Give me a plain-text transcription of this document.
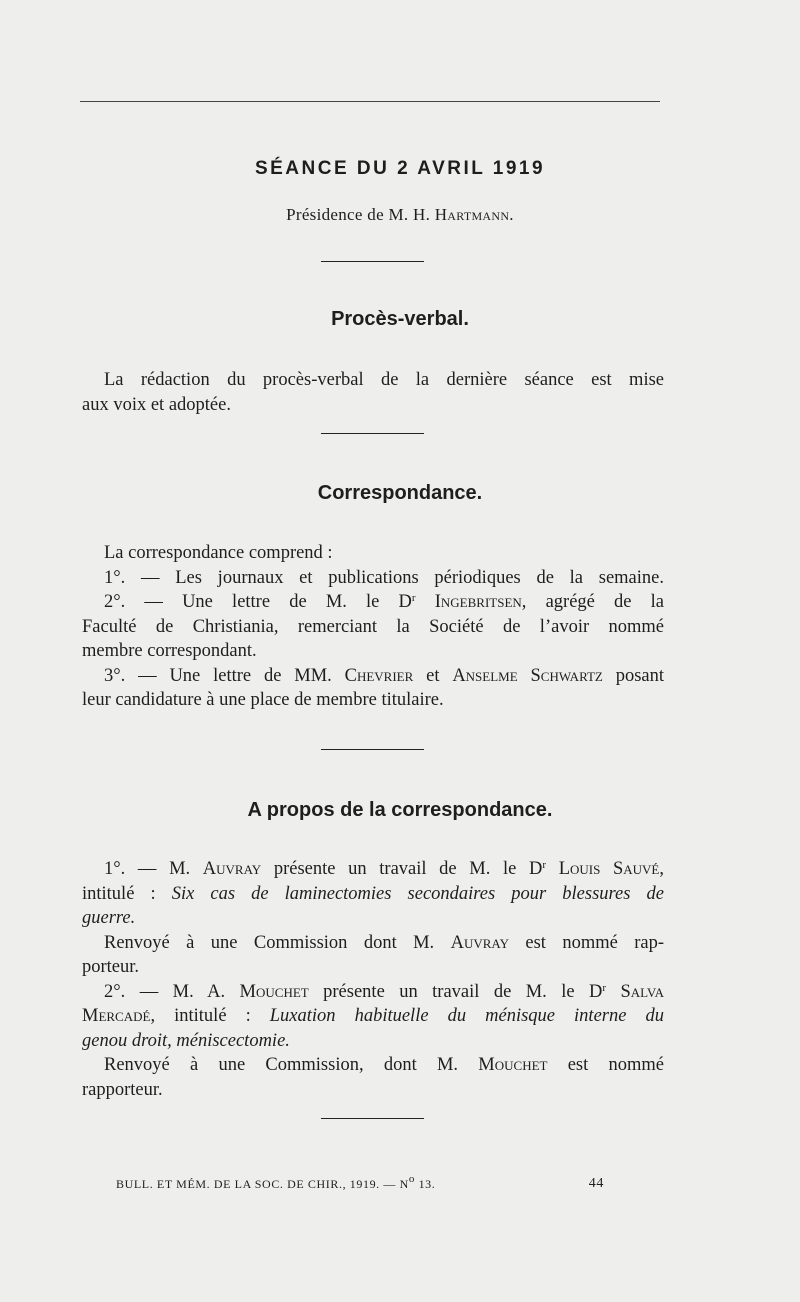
SÉANCE DU 2 AVRIL 1919
Présidence de M. H. Hartmann.
Procès-verbal.
La rédaction du procès-verbal de la dernière séance est mise
aux voix et adoptée.
Correspondance.
La correspondance comprend :
1°. — Les journaux et publications périodiques de la semaine.
2°. — Une lettre de M. le $D^r$ Ingebritsen, agrégé de la
Faculté de Christiania, remerciant la Société de l’avoir nommé
membre correspondant.
3°. — Une lettre de MM. Chevrier et Anselme Schwartz posant
leur candidature à une place de membre titulaire.
A propos de la correspondance.
1°. — M. Auvray présente un travail de M. le $D^r$ Louis Sauvé,
intitulé : Six cas de laminectomies secondaires pour blessures de
guerre.
Renvoyé à une Commission dont M. Auvray est nommé rap-
porteur.
2°. — M. A. Mouchet présente un travail de M. le $D^r$ Salva
Mercadé, intitulé : Luxation habituelle du ménisque interne du
genou droit, méniscectomie.
Renvoyé à une Commission, dont M. Mouchet est nommé
rapporteur.
BULL. ET MÉM. DE LA SOC. DE CHIR., 1919. — $N^o$ 13.	44
